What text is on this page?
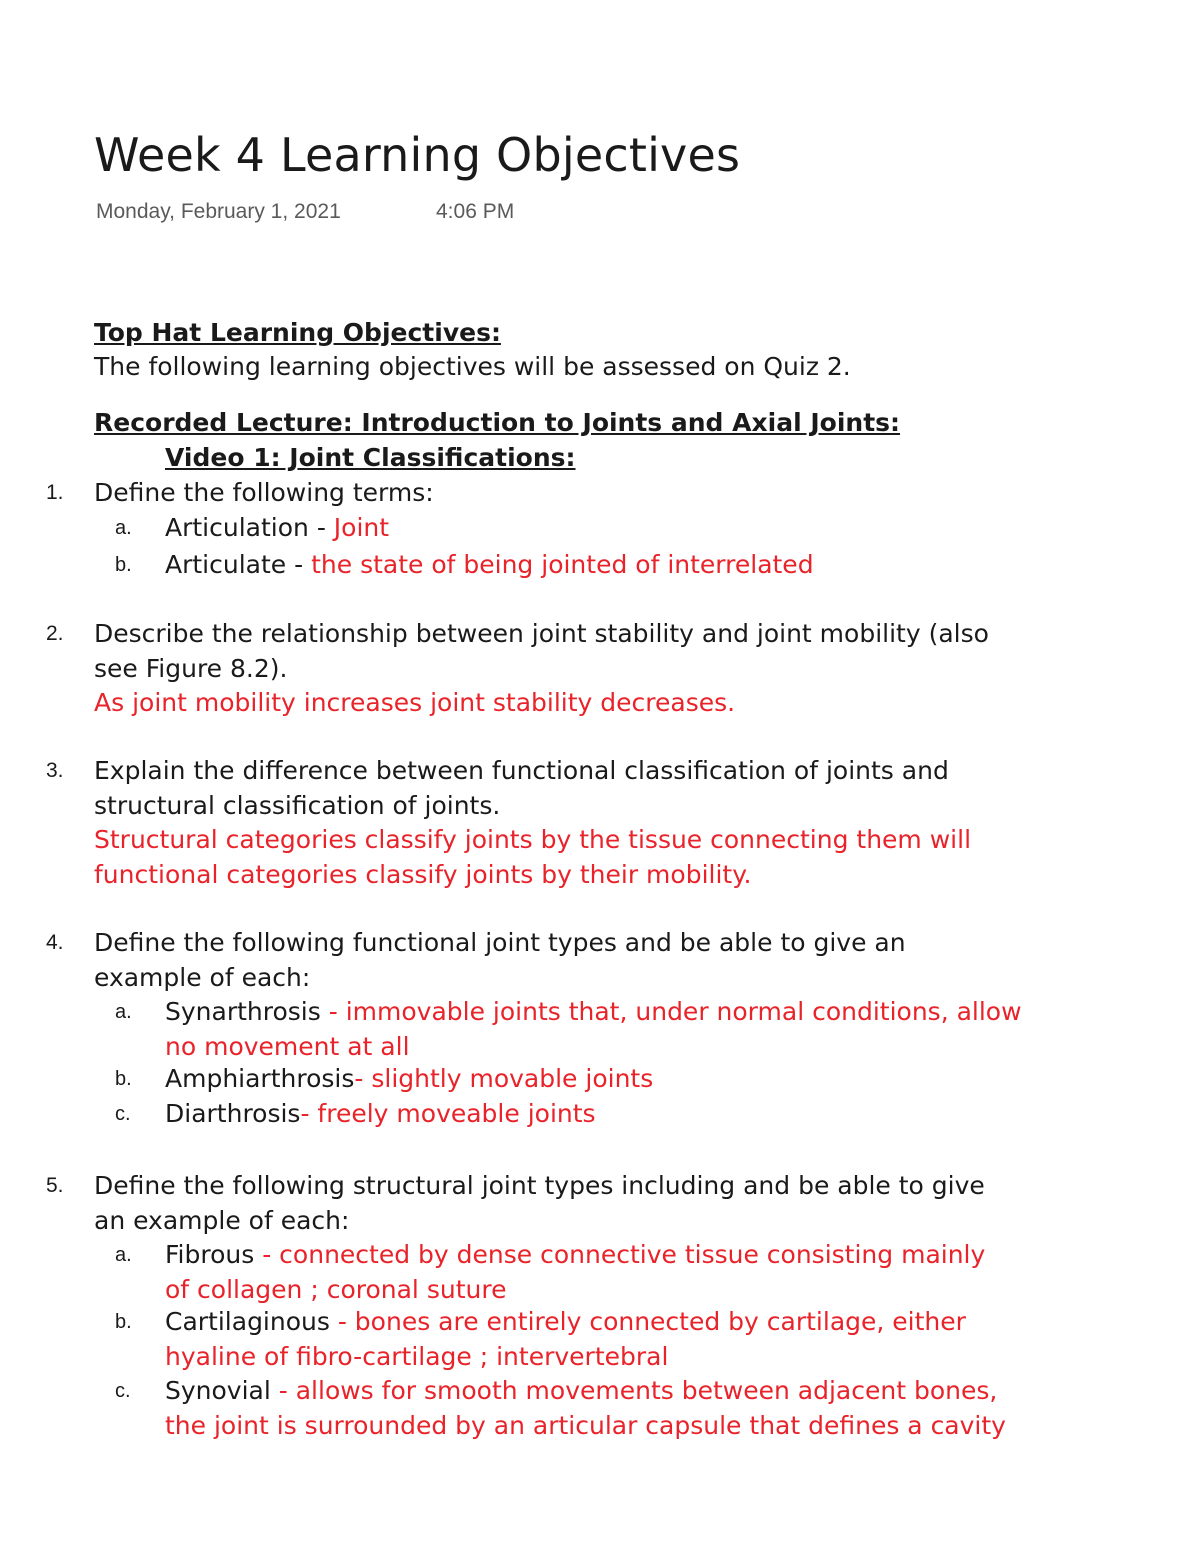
Week 4 Learning Objectives
Monday, February 1, 2021	4:06 PM
Top Hat Learning Objectives:
The following learning objectives will be assessed on Quiz 2.
Recorded Lecture: Introduction to Joints and Axial Joints:
Video 1: Joint Classifications:
1. Define the following terms:
a. Articulation - Joint
b. Articulate - the state of being jointed of interrelated
2. Describe the relationship between joint stability and joint mobility (also
see Figure 8.2).
As joint mobility increases joint stability decreases.
3. Explain the difference between functional classification of joints and
structural classification of joints.
Structural categories classify joints by the tissue connecting them will
functional categories classify joints by their mobility.
4. Define the following functional joint types and be able to give an
example of each:
a. Synarthrosis - immovable joints that, under normal conditions, allow
no movement at all
b. Amphiarthrosis- slightly movable joints
c. Diarthrosis- freely moveable joints
5. Define the following structural joint types including and be able to give
an example of each:
a. Fibrous - connected by dense connective tissue consisting mainly
of collagen ; coronal suture
b. Cartilaginous - bones are entirely connected by cartilage, either
hyaline of fibro-cartilage ; intervertebral
c. Synovial - allows for smooth movements between adjacent bones,
the joint is surrounded by an articular capsule that defines a cavity
